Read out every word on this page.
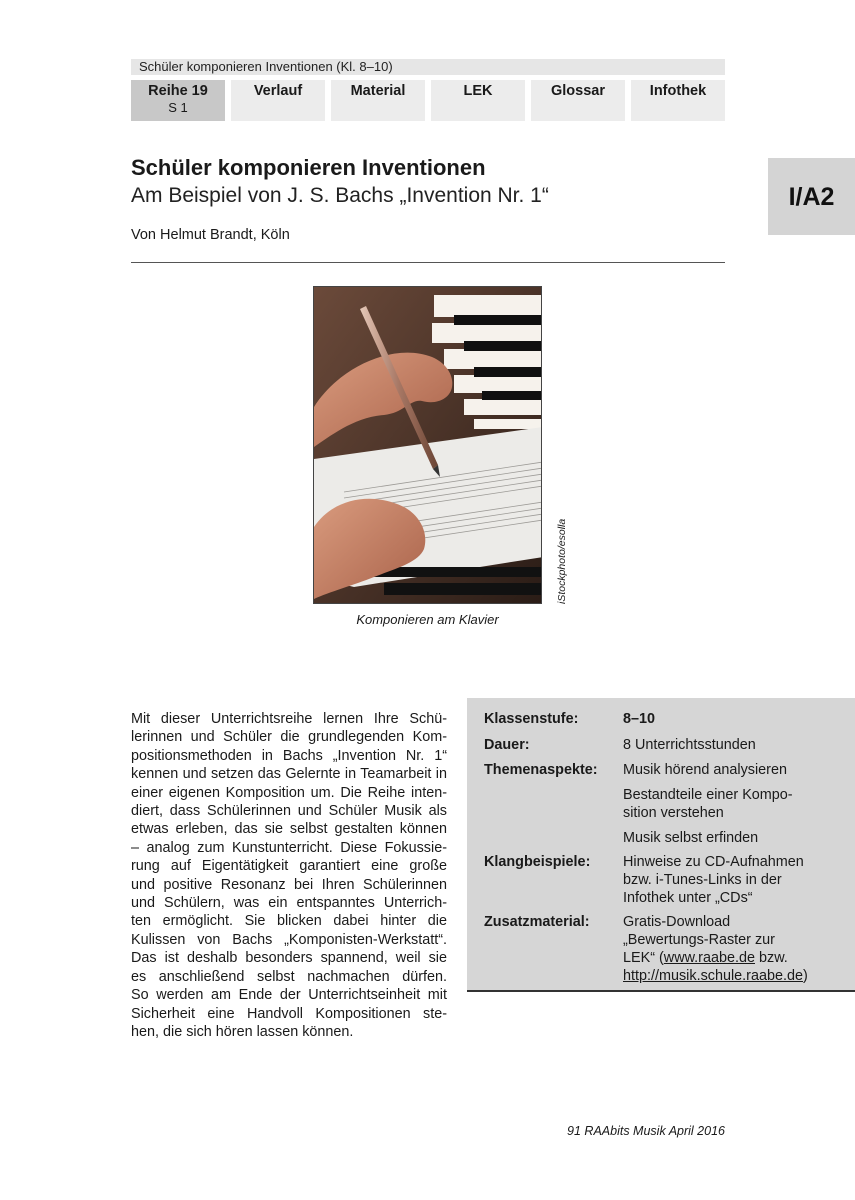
Schüler komponieren Inventionen (Kl. 8–10)
Reihe 19
S 1
Verlauf	Material	LEK	Glossar	Infothek
I/A2
Schüler komponieren Inventionen
Am Beispiel von J. S. Bachs „Invention Nr. 1“
Von Helmut Brandt, Köln
iStockphoto/esolla
Komponieren am Klavier
Mit dieser Unterrichtsreihe lernen Ihre Schü-
lerinnen und Schüler die grundlegenden Kom-
positionsmethoden in Bachs „Invention Nr. 1“
kennen und setzen das Gelernte in Teamarbeit in
einer eigenen Komposition um. Die Reihe inten-
diert, dass Schülerinnen und Schüler Musik als
etwas erleben, das sie selbst gestalten können
– analog zum Kunstunterricht. Diese Fokussie-
rung auf Eigentätigkeit garantiert eine große
und positive Resonanz bei Ihren Schülerinnen
und Schülern, was ein entspanntes Unterrich-
ten ermöglicht. Sie blicken dabei hinter die
Kulissen von Bachs „Komponisten-Werkstatt“.
Das ist deshalb besonders spannend, weil sie
es anschließend selbst nachmachen dürfen.
So werden am Ende der Unterrichtseinheit mit
Sicherheit eine Handvoll Kompositionen ste-
hen, die sich hören lassen können.
Klassenstufe:	8–10
Dauer:	8 Unterrichtsstunden
Themenaspekte:	Musik hörend analysieren
Bestandteile einer Kompo-
sition verstehen
Musik selbst erfinden
Klangbeispiele:	Hinweise zu CD-Aufnahmen
bzw. i-Tunes-Links in der
Infothek unter „CDs“
Zusatzmaterial:	Gratis-Download
„Bewertungs-Raster zur
LEK“ (www.raabe.de bzw.
http://musik.schule.raabe.de)
91 RAAbits Musik April 2016
